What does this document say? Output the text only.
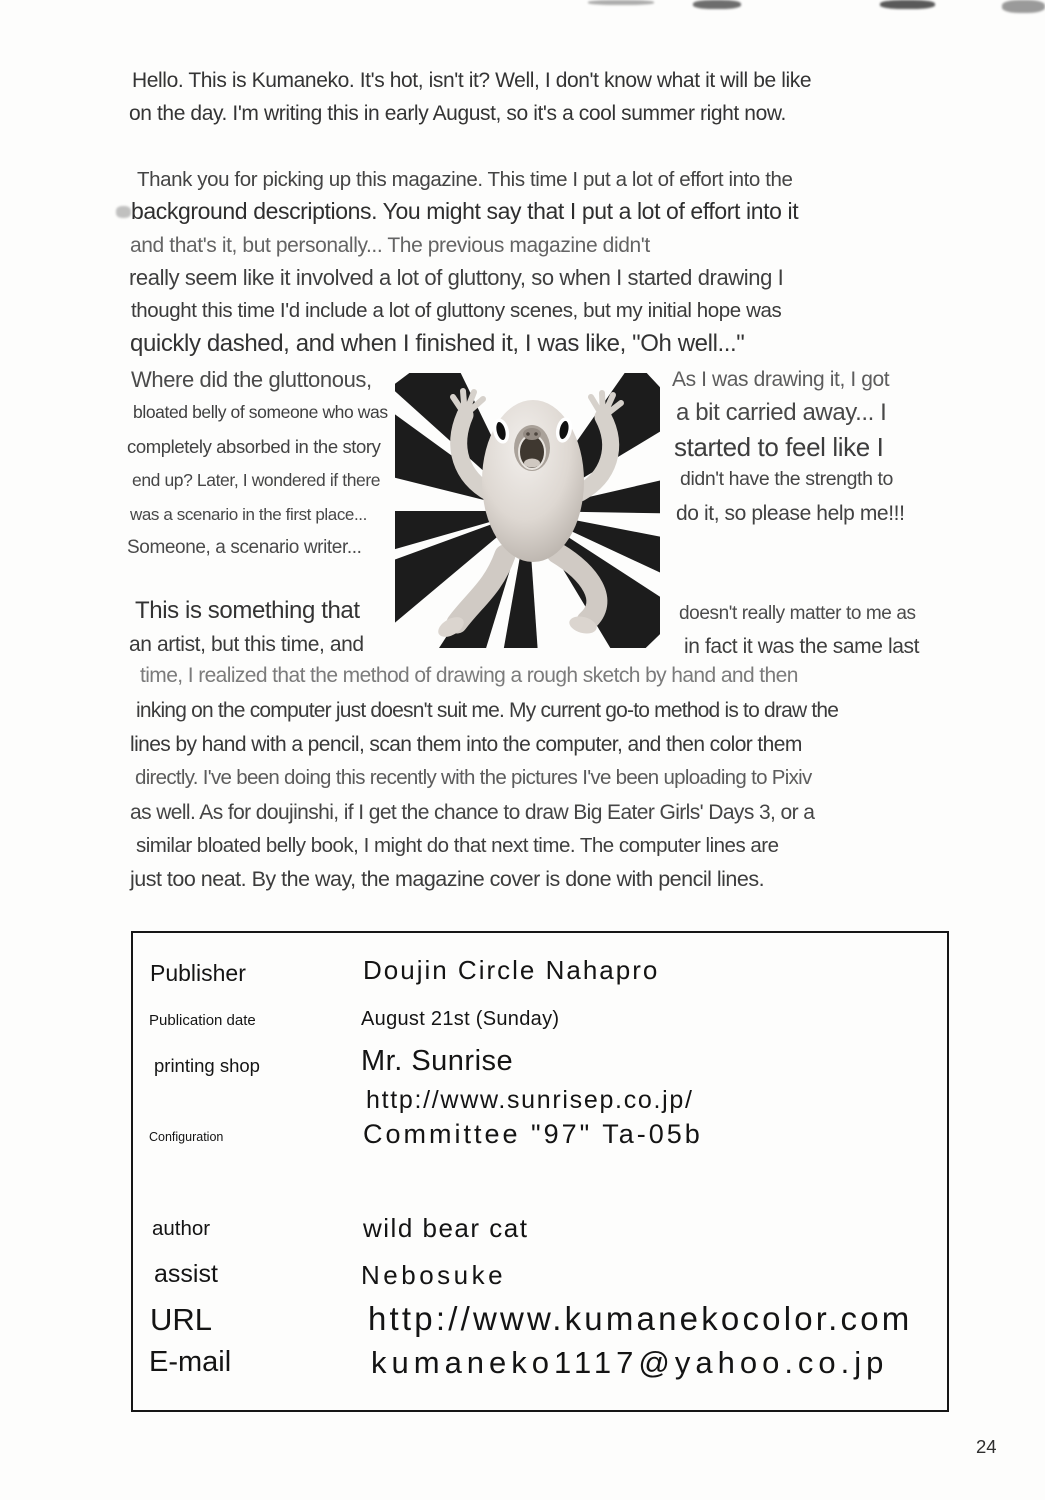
Hello. This is Kumaneko. It's hot, isn't it? Well, I don't know what it will be like
on the day. I'm writing this in early August, so it's a cool summer right now.
Thank you for picking up this magazine. This time I put a lot of effort into the
background descriptions. You might say that I put a lot of effort into it
and that's it, but personally... The previous magazine didn't
really seem like it involved a lot of gluttony, so when I started drawing I
thought this time I'd include a lot of gluttony scenes, but my initial hope was
quickly dashed, and when I finished it, I was like, "Oh well..."
Where did the gluttonous,
bloated belly of someone who was
completely absorbed in the story
end up? Later, I wondered if there
was a scenario in the first place...
Someone, a scenario writer...
As I was drawing it, I got
a bit carried away... I
started to feel like I
didn't have the strength to
do it, so please help me!!!
This is something that
an artist, but this time, and
doesn't really matter to me as
in fact it was the same last
time, I realized that the method of drawing a rough sketch by hand and then
inking on the computer just doesn't suit me. My current go-to method is to draw the
lines by hand with a pencil, scan them into the computer, and then color them
directly. I've been doing this recently with the pictures I've been uploading to Pixiv
as well. As for doujinshi, if I get the chance to draw Big Eater Girls' Days 3, or a
similar bloated belly book, I might do that next time. The computer lines are
just too neat. By the way, the magazine cover is done with pencil lines.
Publisher	Doujin Circle Nahapro
Publication date	August 21st (Sunday)
printing shop	Mr. Sunrise
http://www.sunrisep.co.jp/
Configuration	Committee "97" Ta-05b
author	wild bear cat
assist	Nebosuke
URL	http://www.kumanekocolor.com
E-mail	kumaneko1117@yahoo.co.jp
24
